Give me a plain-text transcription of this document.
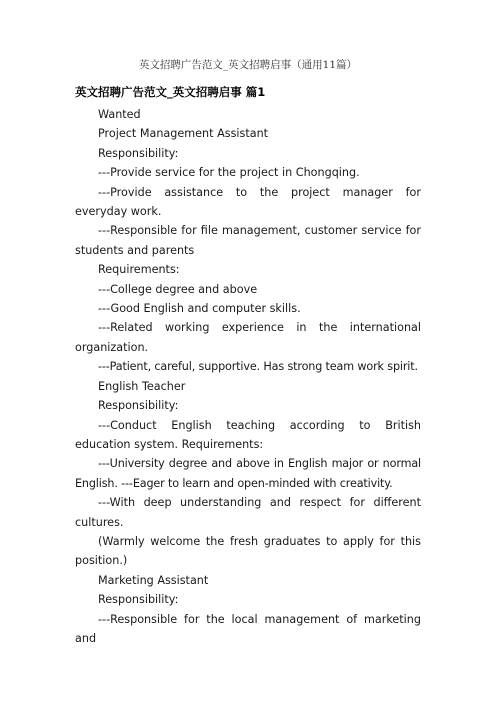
英文招聘广告范文_英文招聘启事（通用11篇）
英文招聘广告范文_英文招聘启事 篇1

Wanted

Project Management Assistant

Responsibility:

---Provide service for the project in Chongqing.

---Provide assistance to the project manager for everyday work.

---Responsible for file management, customer service for students and parents

Requirements:

---College degree and above

---Good English and computer skills.

---Related working experience in the international organization.

---Patient, careful, supportive. Has strong team work spirit.

English Teacher

Responsibility:

---Conduct English teaching according to British education system. Requirements:

---University degree and above in English major or normal English. ---Eager to learn and open-minded with creativity.

---With deep understanding and respect for different cultures.

(Warmly welcome the fresh graduates to apply for this position.)

Marketing Assistant

Responsibility:

---Responsible for the local management of marketing and
